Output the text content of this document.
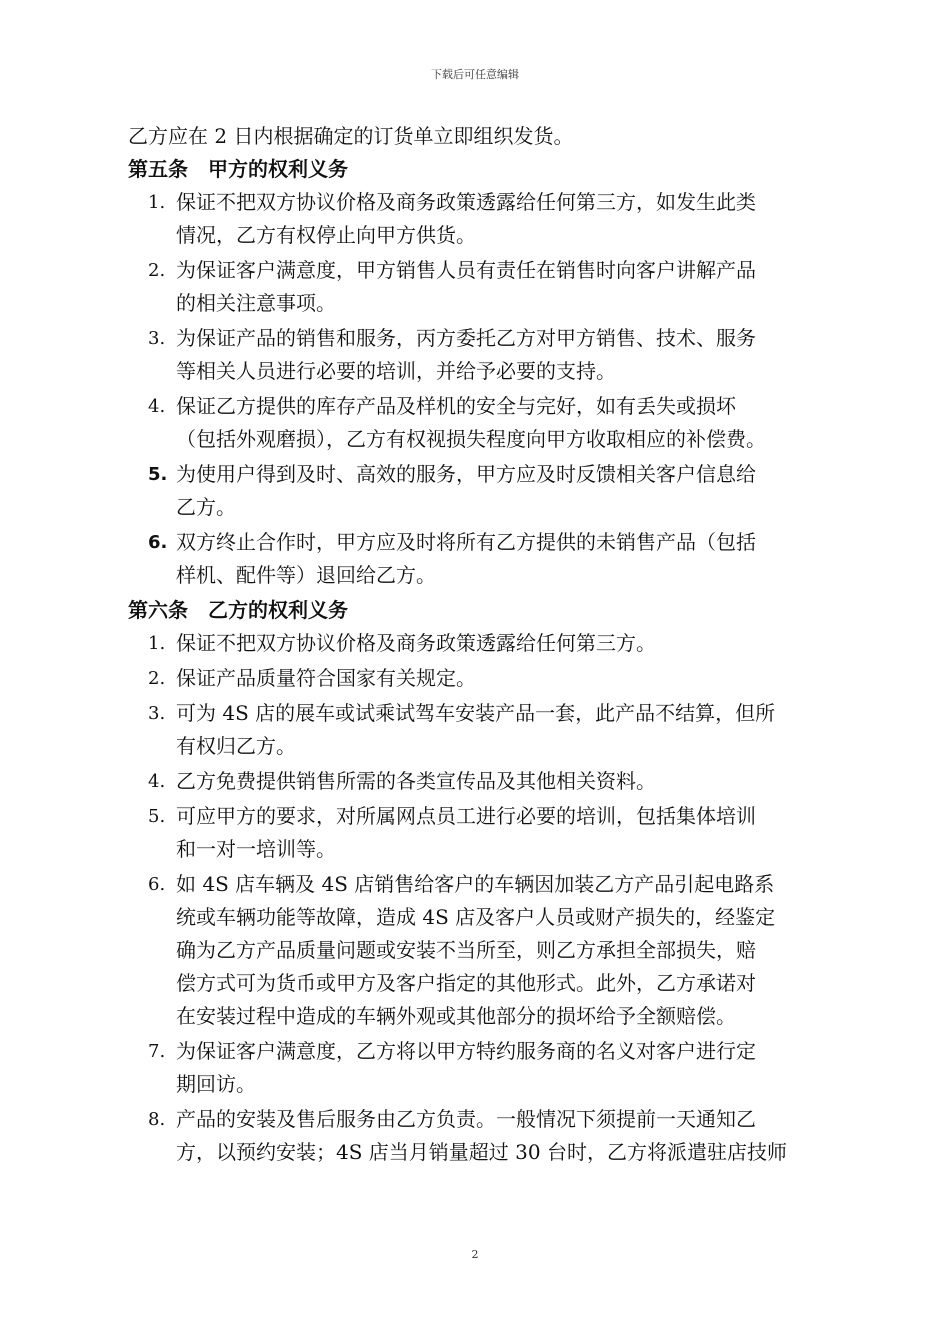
下载后可任意编辑

乙方应在 2 日内根据确定的订货单立即组织发货。

第五条　甲方的权利义务
1. 保证不把双方协议价格及商务政策透露给任何第三方，如发生此类
情况，乙方有权停止向甲方供货。
2. 为保证客户满意度，甲方销售人员有责任在销售时向客户讲解产品
的相关注意事项。
3. 为保证产品的销售和服务，丙方委托乙方对甲方销售、技术、服务
等相关人员进行必要的培训，并给予必要的支持。
4. 保证乙方提供的库存产品及样机的安全与完好，如有丢失或损坏
（包括外观磨损），乙方有权视损失程度向甲方收取相应的补偿费。
5. 为使用户得到及时、高效的服务，甲方应及时反馈相关客户信息给
乙方。
6. 双方终止合作时，甲方应及时将所有乙方提供的未销售产品（包括
样机、配件等）退回给乙方。
第六条　乙方的权利义务
1. 保证不把双方协议价格及商务政策透露给任何第三方。
2. 保证产品质量符合国家有关规定。
3. 可为 4S 店的展车或试乘试驾车安装产品一套，此产品不结算，但所
有权归乙方。
4. 乙方免费提供销售所需的各类宣传品及其他相关资料。
5. 可应甲方的要求，对所属网点员工进行必要的培训，包括集体培训
和一对一培训等。
6. 如 4S 店车辆及 4S 店销售给客户的车辆因加装乙方产品引起电路系
统或车辆功能等故障，造成 4S 店及客户人员或财产损失的，经鉴定
确为乙方产品质量问题或安装不当所至，则乙方承担全部损失，赔
偿方式可为货币或甲方及客户指定的其他形式。此外，乙方承诺对
在安装过程中造成的车辆外观或其他部分的损坏给予全额赔偿。
7. 为保证客户满意度，乙方将以甲方特约服务商的名义对客户进行定
期回访。
8. 产品的安装及售后服务由乙方负责。一般情况下须提前一天通知乙
方，以预约安装；4S 店当月销量超过 30 台时，乙方将派遣驻店技师
2
